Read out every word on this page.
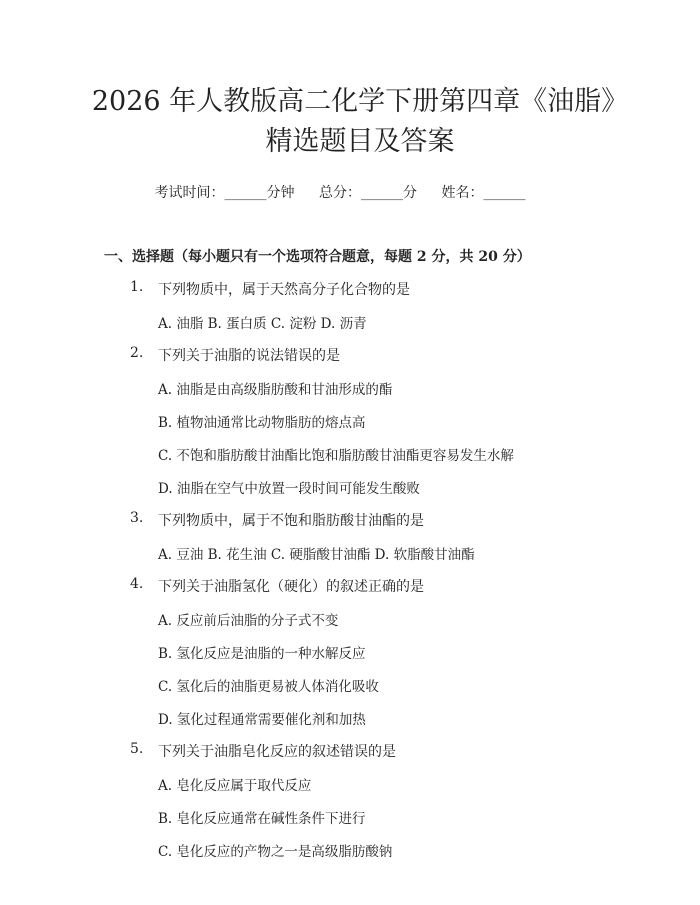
2026 年人教版高二化学下册第四章《油脂》
精选题目及答案
考试时间：______分钟 总分：______分 姓名：______
一、选择题（每小题只有一个选项符合题意，每题 2 分，共 20 分）
1.	下列物质中，属于天然高分子化合物的是
A. 油脂 B. 蛋白质 C. 淀粉 D. 沥青
2.	下列关于油脂的说法错误的是
A. 油脂是由高级脂肪酸和甘油形成的酯
B. 植物油通常比动物脂肪的熔点高
C. 不饱和脂肪酸甘油酯比饱和脂肪酸甘油酯更容易发生水解
D. 油脂在空气中放置一段时间可能发生酸败
3.	下列物质中，属于不饱和脂肪酸甘油酯的是
A. 豆油 B. 花生油 C. 硬脂酸甘油酯 D. 软脂酸甘油酯
4.	下列关于油脂氢化（硬化）的叙述正确的是
A. 反应前后油脂的分子式不变
B. 氢化反应是油脂的一种水解反应
C. 氢化后的油脂更易被人体消化吸收
D. 氢化过程通常需要催化剂和加热
5.	下列关于油脂皂化反应的叙述错误的是
A. 皂化反应属于取代反应
B. 皂化反应通常在碱性条件下进行
C. 皂化反应的产物之一是高级脂肪酸钠
